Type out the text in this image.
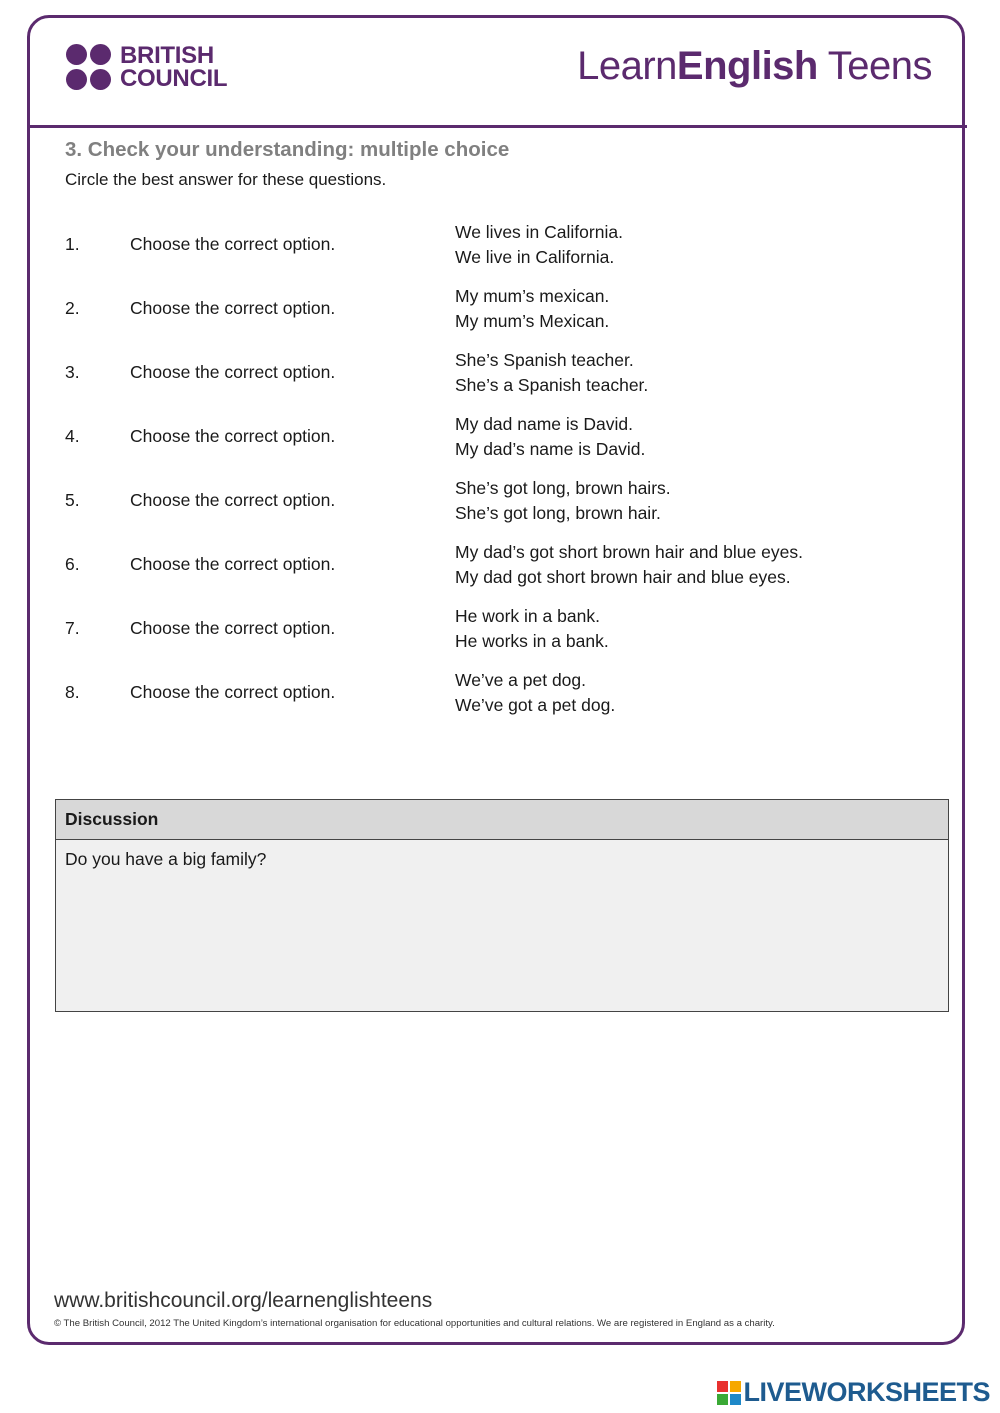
BRITISH
COUNCIL	LearnEnglish Teens
3. Check your understanding: multiple choice
Circle the best answer for these questions.
1.	Choose the correct option.
We lives in California.
We live in California.
2.	Choose the correct option.
My mum’s mexican.
My mum’s Mexican.
3.	Choose the correct option.
She’s Spanish teacher.
She’s a Spanish teacher.
4.	Choose the correct option.
My dad name is David.
My dad’s name is David.
5.	Choose the correct option.
She’s got long, brown hairs.
She’s got long, brown hair.
6.	Choose the correct option.
My dad’s got short brown hair and blue eyes.
My dad got short brown hair and blue eyes.
7.	Choose the correct option.
He work in a bank.
He works in a bank.
8.	Choose the correct option.
We’ve a pet dog.
We’ve got a pet dog.
Discussion
Do you have a big family?
www.britishcouncil.org/learnenglishteens
© The British Council, 2012 The United Kingdom’s international organisation for educational opportunities and cultural relations. We are registered in England as a charity.
LIVEWORKSHEETS
